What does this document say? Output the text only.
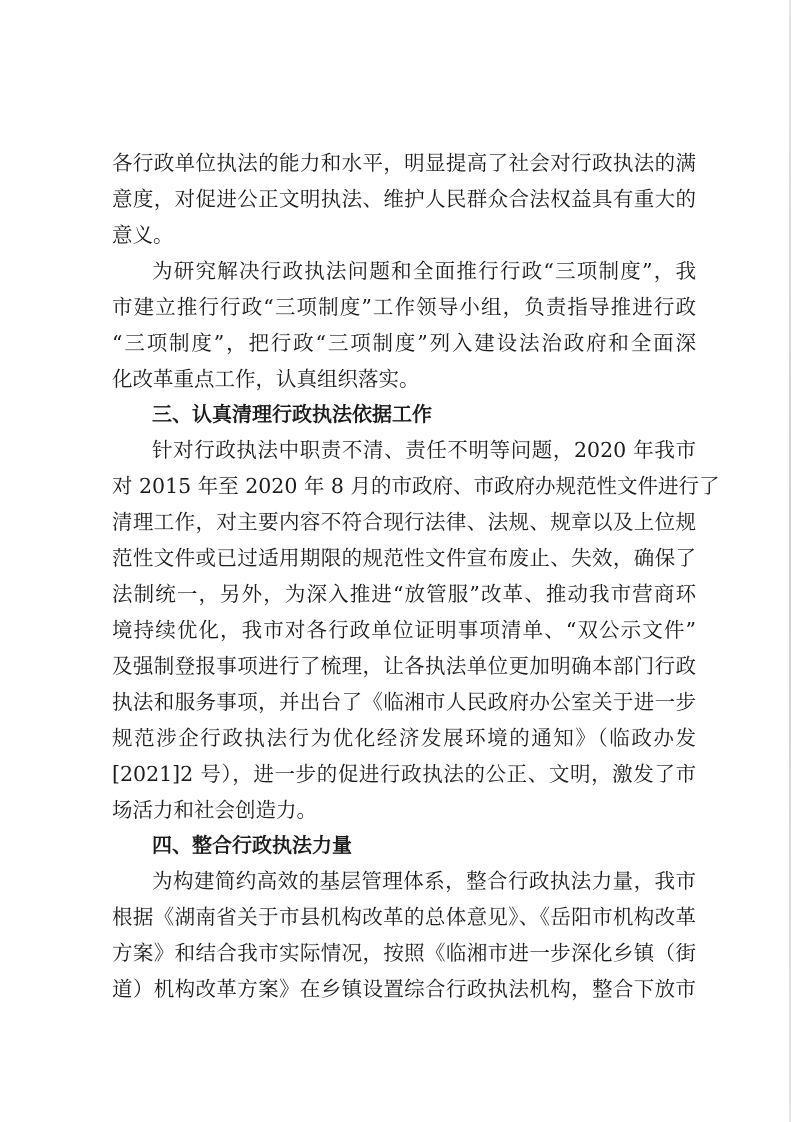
各行政单位执法的能力和水平，明显提高了社会对行政执法的满
意度，对促进公正文明执法、维护人民群众合法权益具有重大的
意义。
为研究解决行政执法问题和全面推行行政“三项制度”，我
市建立推行行政“三项制度”工作领导小组，负责指导推进行政
“三项制度”，把行政“三项制度”列入建设法治政府和全面深
化改革重点工作，认真组织落实。
三、认真清理行政执法依据工作
针对行政执法中职责不清、责任不明等问题，2020 年我市
对 2015 年至 2020 年 8 月的市政府、市政府办规范性文件进行了
清理工作，对主要内容不符合现行法律、法规、规章以及上位规
范性文件或已过适用期限的规范性文件宣布废止、失效，确保了
法制统一，另外，为深入推进“放管服”改革、推动我市营商环
境持续优化，我市对各行政单位证明事项清单、“双公示文件”
及强制登报事项进行了梳理，让各执法单位更加明确本部门行政
执法和服务事项，并出台了《临湘市人民政府办公室关于进一步
规范涉企行政执法行为优化经济发展环境的通知》（临政办发
[2021]2 号），进一步的促进行政执法的公正、文明，激发了市
场活力和社会创造力。
四、整合行政执法力量
为构建简约高效的基层管理体系，整合行政执法力量，我市
根据《湖南省关于市县机构改革的总体意见》、《岳阳市机构改革
方案》和结合我市实际情况，按照《临湘市进一步深化乡镇（街
道）机构改革方案》在乡镇设置综合行政执法机构，整合下放市
